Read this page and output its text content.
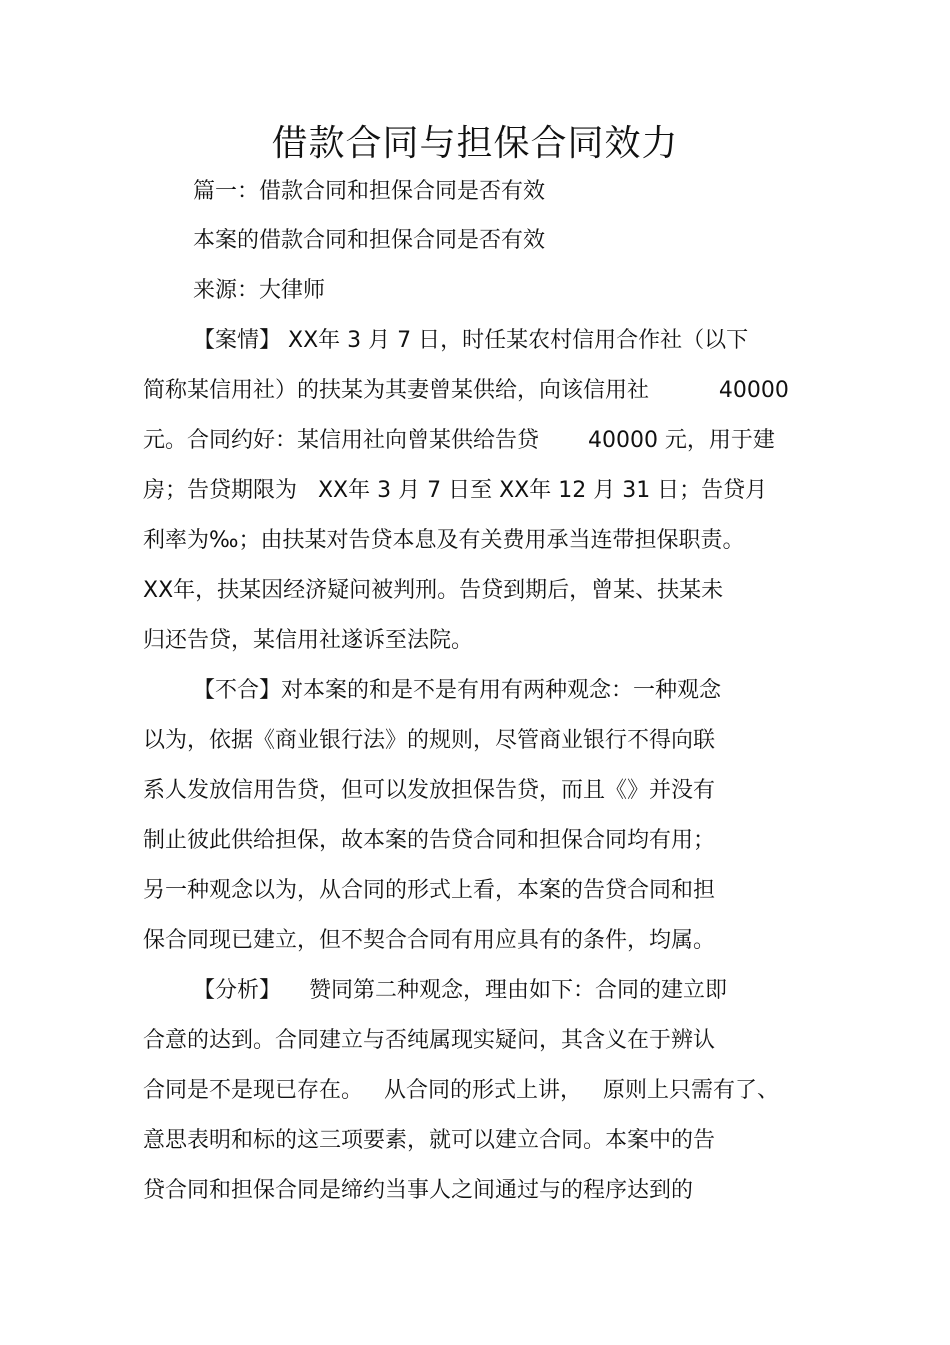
借款合同与担保合同效力
篇一：借款合同和担保合同是否有效
本案的借款合同和担保合同是否有效
来源：大律师
【案情】 XX年 3 月 7 日，时任某农村信用合作社（以下
简称某信用社）的扶某为其妻曾某供给，向该信用社          40000
元。合同约好：某信用社向曾某供给告贷       40000 元，用于建
房；告贷期限为   XX年 3 月 7 日至 XX年 12 月 31 日；告贷月
利率为‰；由扶某对告贷本息及有关费用承当连带担保职责。
XX年，扶某因经济疑问被判刑。告贷到期后，曾某、扶某未
归还告贷，某信用社遂诉至法院。
【不合】对本案的和是不是有用有两种观念：一种观念
以为，依据《商业银行法》的规则，尽管商业银行不得向联
系人发放信用告贷，但可以发放担保告贷，而且《》并没有
制止彼此供给担保，故本案的告贷合同和担保合同均有用；
另一种观念以为，从合同的形式上看，本案的告贷合同和担
保合同现已建立，但不契合合同有用应具有的条件，均属。
【分析】    赞同第二种观念，理由如下：合同的建立即
合意的达到。合同建立与否纯属现实疑问，其含义在于辨认
合同是不是现已存在。   从合同的形式上讲，   原则上只需有了、
意思表明和标的这三项要素，就可以建立合同。本案中的告
贷合同和担保合同是缔约当事人之间通过与的程序达到的
